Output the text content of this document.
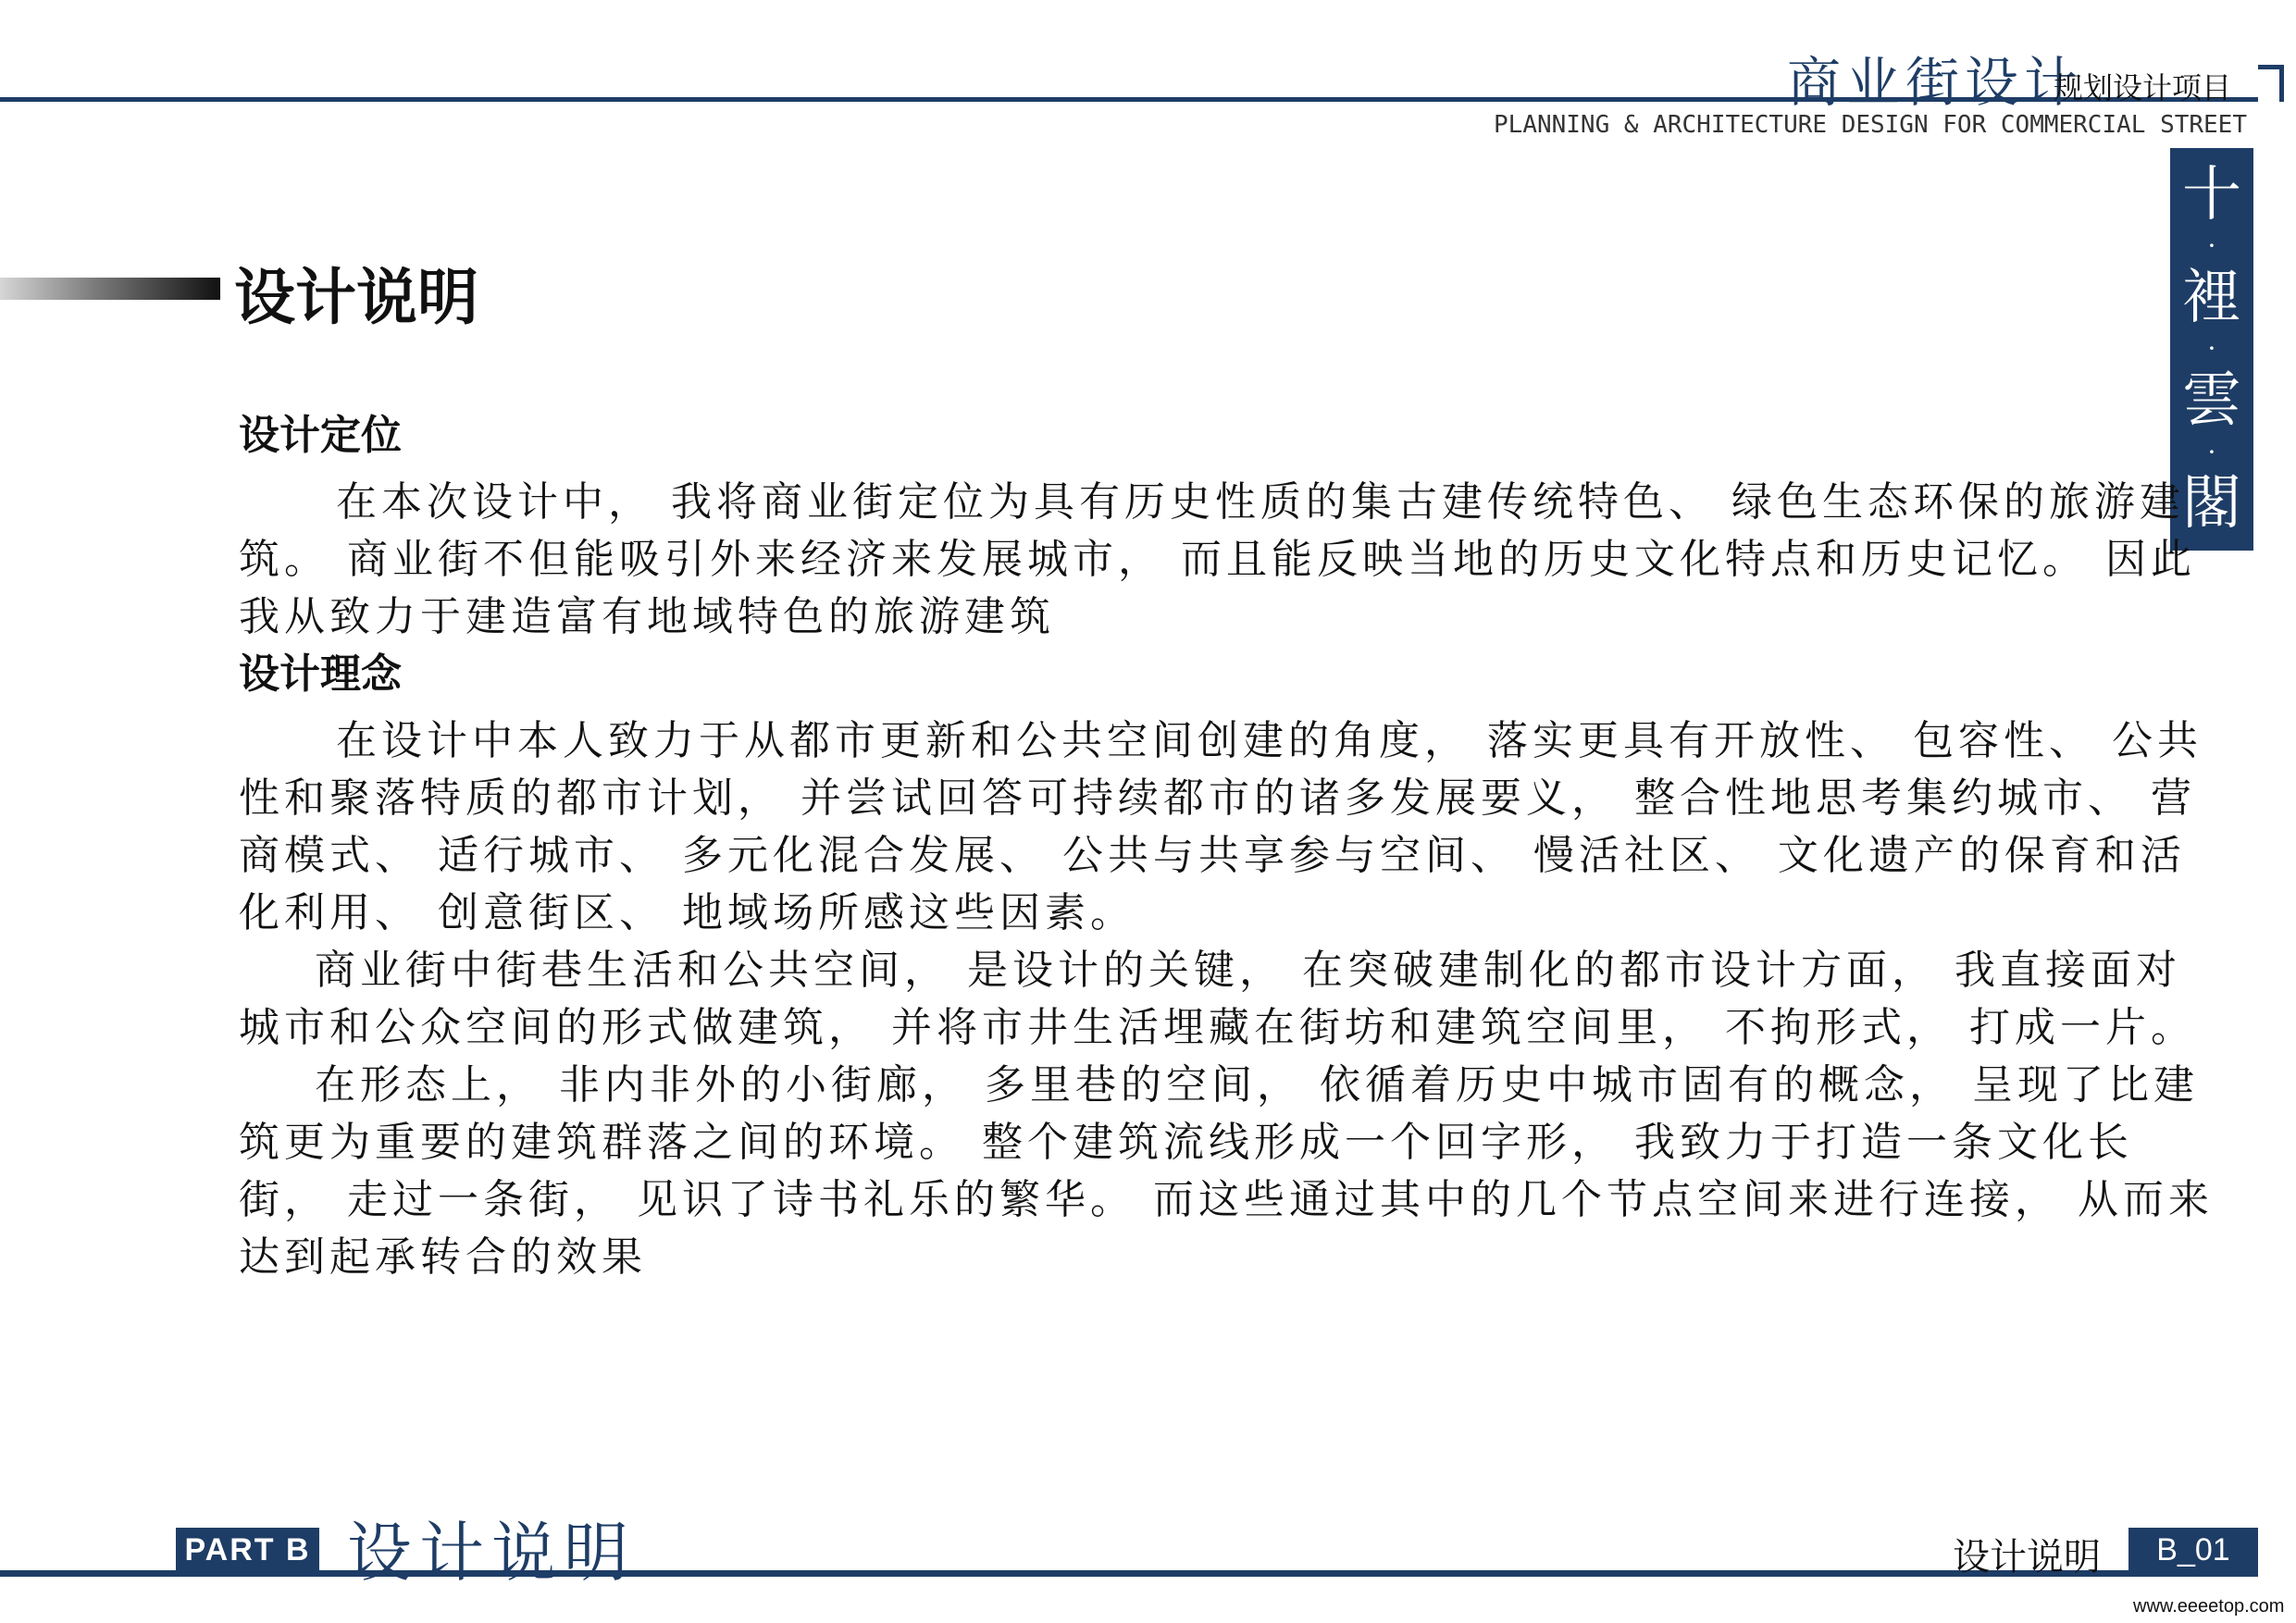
商业街设计
规划设计项目
PLANNING & ARCHITECTURE DESIGN FOR COMMERCIAL STREET
十
·
裡
·
雲
·
閣
设计说明
设计定位

在本次设计中， 我将商业街定位为具有历史性质的集古建传统特色、 绿色生态环保的旅游建筑。 商业街不但能吸引外来经济来发展城市， 而且能反映当地的历史文化特点和历史记忆。 因此我从致力于建造富有地域特色的旅游建筑

设计理念

在设计中本人致力于从都市更新和公共空间创建的角度， 落实更具有开放性、 包容性、 公共性和聚落特质的都市计划， 并尝试回答可持续都市的诸多发展要义， 整合性地思考集约城市、 营商模式、 适行城市、 多元化混合发展、 公共与共享参与空间、 慢活社区、 文化遗产的保育和活化利用、 创意街区、 地域场所感这些因素。

商业街中街巷生活和公共空间， 是设计的关键， 在突破建制化的都市设计方面， 我直接面对城市和公众空间的形式做建筑， 并将市井生活埋藏在街坊和建筑空间里， 不拘形式， 打成一片。

在形态上， 非内非外的小街廊， 多里巷的空间， 依循着历史中城市固有的概念， 呈现了比建筑更为重要的建筑群落之间的环境。 整个建筑流线形成一个回字形， 我致力于打造一条文化长街， 走过一条街， 见识了诗书礼乐的繁华。 而这些通过其中的几个节点空间来进行连接， 从而来达到起承转合的效果

PART B 设计说明	设计说明	B_01
www.eeeetop.com
